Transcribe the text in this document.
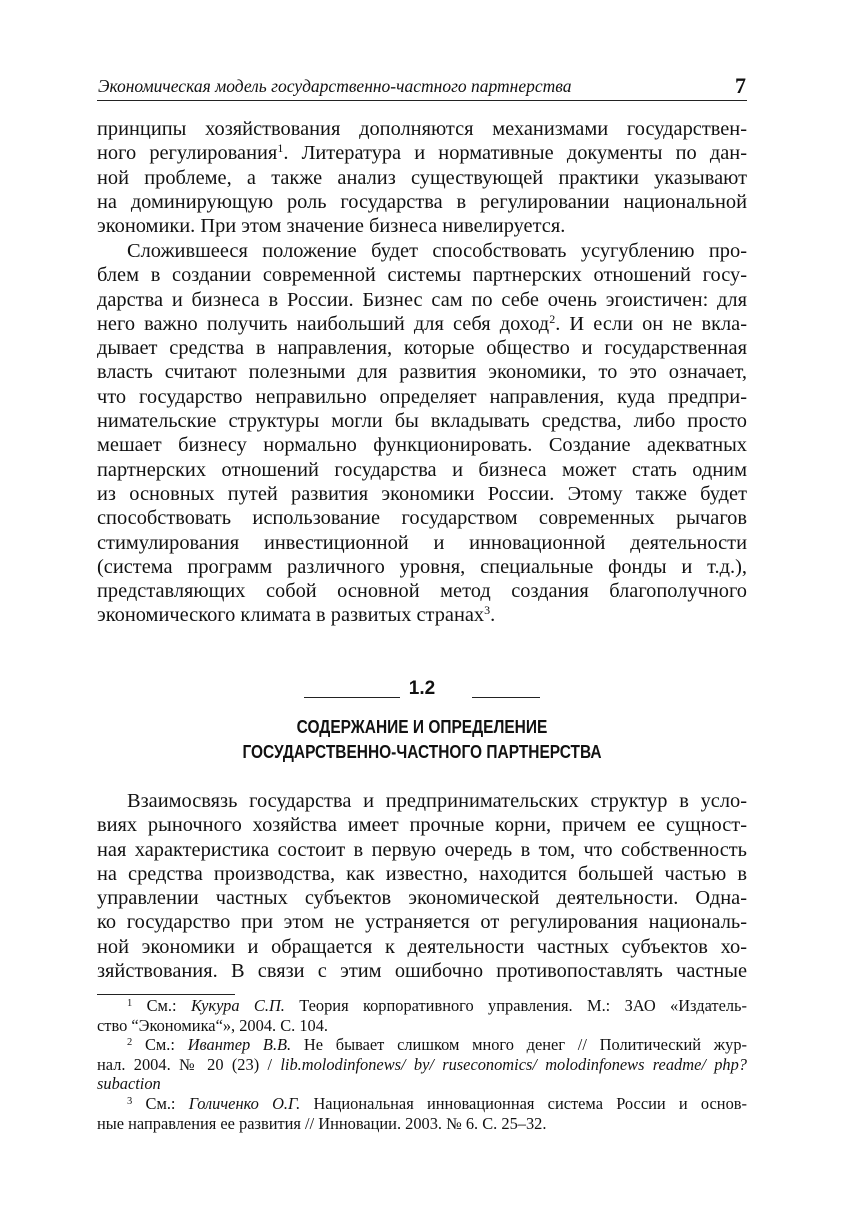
Экономическая модель государственно-частного партнерства	7
принципы хозяйствования дополняются механизмами государствен-
ного регулирования$^1$. Литература и нормативные документы по дан-
ной проблеме, а также анализ существующей практики указывают
на доминирующую роль государства в регулировании национальной
экономики. При этом значение бизнеса нивелируется.
Сложившееся положение будет способствовать усугублению про-
блем в создании современной системы партнерских отношений госу-
дарства и бизнеса в России. Бизнес сам по себе очень эгоистичен: для
него важно получить наибольший для себя доход$^2$. И если он не вкла-
дывает средства в направления, которые общество и государственная
власть считают полезными для развития экономики, то это означает,
что государство неправильно определяет направления, куда предпри-
нимательские структуры могли бы вкладывать средства, либо просто
мешает бизнесу нормально функционировать. Создание адекватных
партнерских отношений государства и бизнеса может стать одним
из основных путей развития экономики России. Этому также будет
способствовать использование государством современных рычагов
стимулирования инвестиционной и инновационной деятельности
(система программ различного уровня, специальные фонды и т.д.),
представляющих собой основной метод создания благополучного
экономического климата в развитых странах$^3$.
1.2
СОДЕРЖАНИЕ И ОПРЕДЕЛЕНИЕ
ГОСУДАРСТВЕННО-ЧАСТНОГО ПАРТНЕРСТВА
Взаимосвязь государства и предпринимательских структур в усло-
виях рыночного хозяйства имеет прочные корни, причем ее сущност-
ная характеристика состоит в первую очередь в том, что собственность
на средства производства, как известно, находится большей частью в
управлении частных субъектов экономической деятельности. Одна-
ко государство при этом не устраняется от регулирования националь-
ной экономики и обращается к деятельности частных субъектов хо-
зяйствования. В связи с этим ошибочно противопоставлять частные
$^1$ См.: Кукура С.П. Теория корпоративного управления. М.: ЗАО «Издатель-
ство “Экономика“», 2004. С. 104.
$^2$ См.: Ивантер В.В. Не бывает слишком много денег // Политический жур-
нал. 2004. № 20 (23) / lib.molodinfonews/ by/ ruseconomics/ molodinfonews readme/ php?
subaction
$^3$ См.: Голиченко О.Г. Национальная инновационная система России и основ-
ные направления ее развития // Инновации. 2003. № 6. С. 25–32.
